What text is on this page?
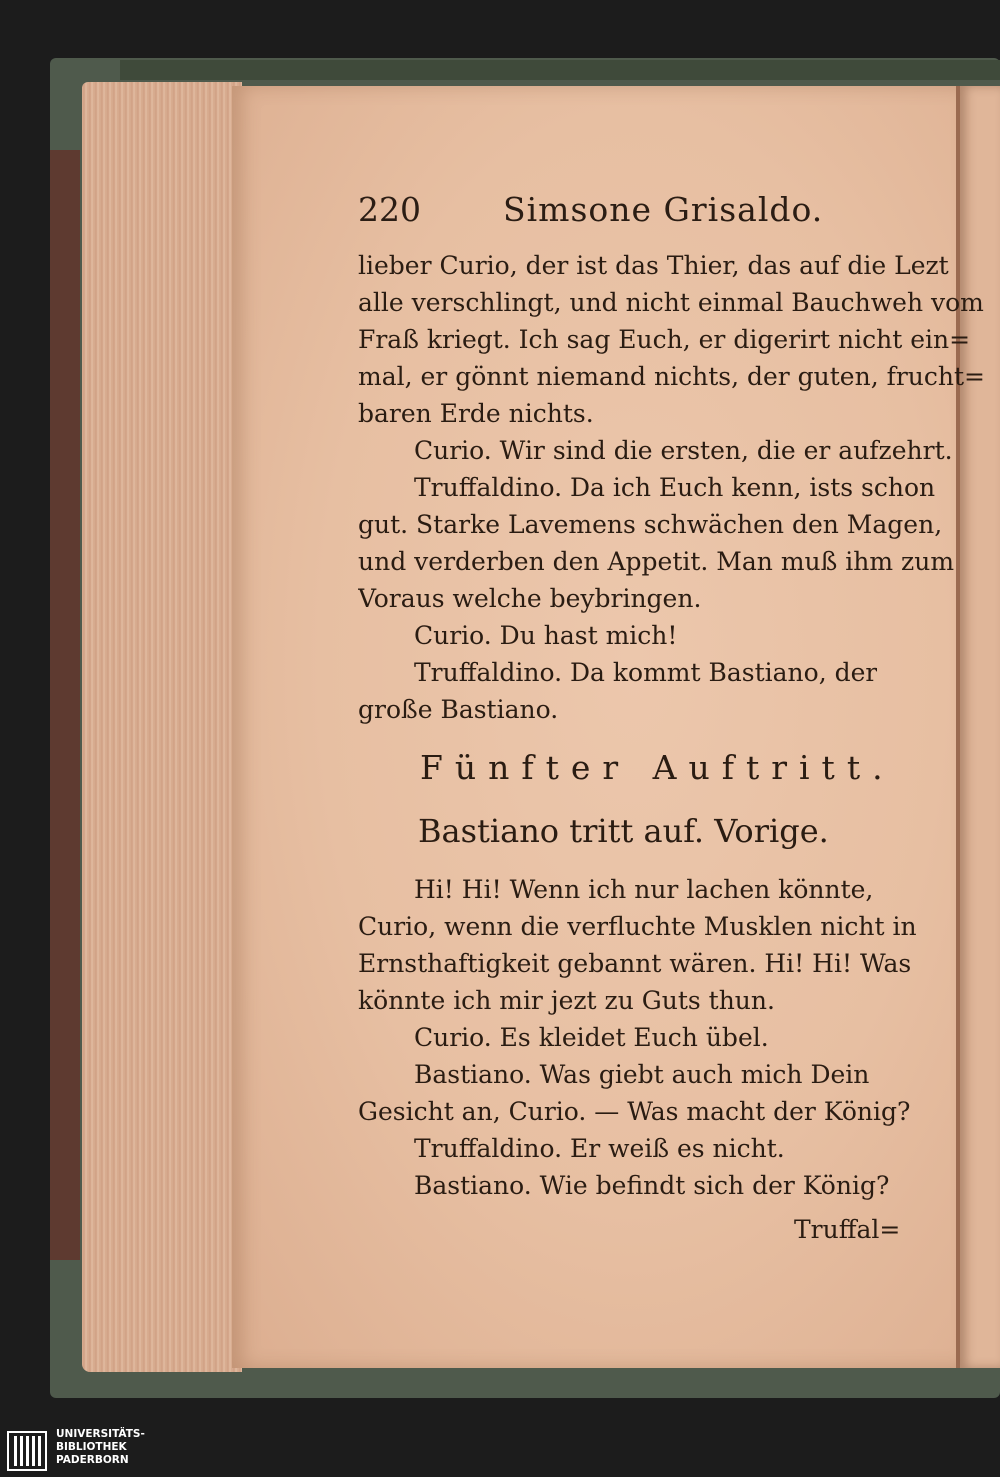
220 Simsone Grisaldo.
lieber Curio, der ist das Thier, das auf die Lezt
alle verschlingt, und nicht einmal Bauchweh vom
Fraß kriegt. Ich sag Euch, er digerirt nicht ein=
mal, er gönnt niemand nichts, der guten, frucht=
baren Erde nichts.
Curio. Wir sind die ersten, die er aufzehrt.
Truffaldino. Da ich Euch kenn, ists schon
gut. Starke Lavemens schwächen den Magen,
und verderben den Appetit. Man muß ihm zum
Voraus welche beybringen.
Curio. Du hast mich!
Truffaldino. Da kommt Bastiano, der
große Bastiano.
Fünfter Auftritt.
Bastiano tritt auf. Vorige.
Hi! Hi! Wenn ich nur lachen könnte,
Curio, wenn die verfluchte Musklen nicht in
Ernsthaftigkeit gebannt wären. Hi! Hi! Was
könnte ich mir jezt zu Guts thun.
Curio. Es kleidet Euch übel.
Bastiano. Was giebt auch mich Dein
Gesicht an, Curio. — Was macht der König?
Truffaldino. Er weiß es nicht.
Bastiano. Wie befindt sich der König?
Truffal=
UNIVERSITÄTS-
BIBLIOTHEK
PADERBORN
